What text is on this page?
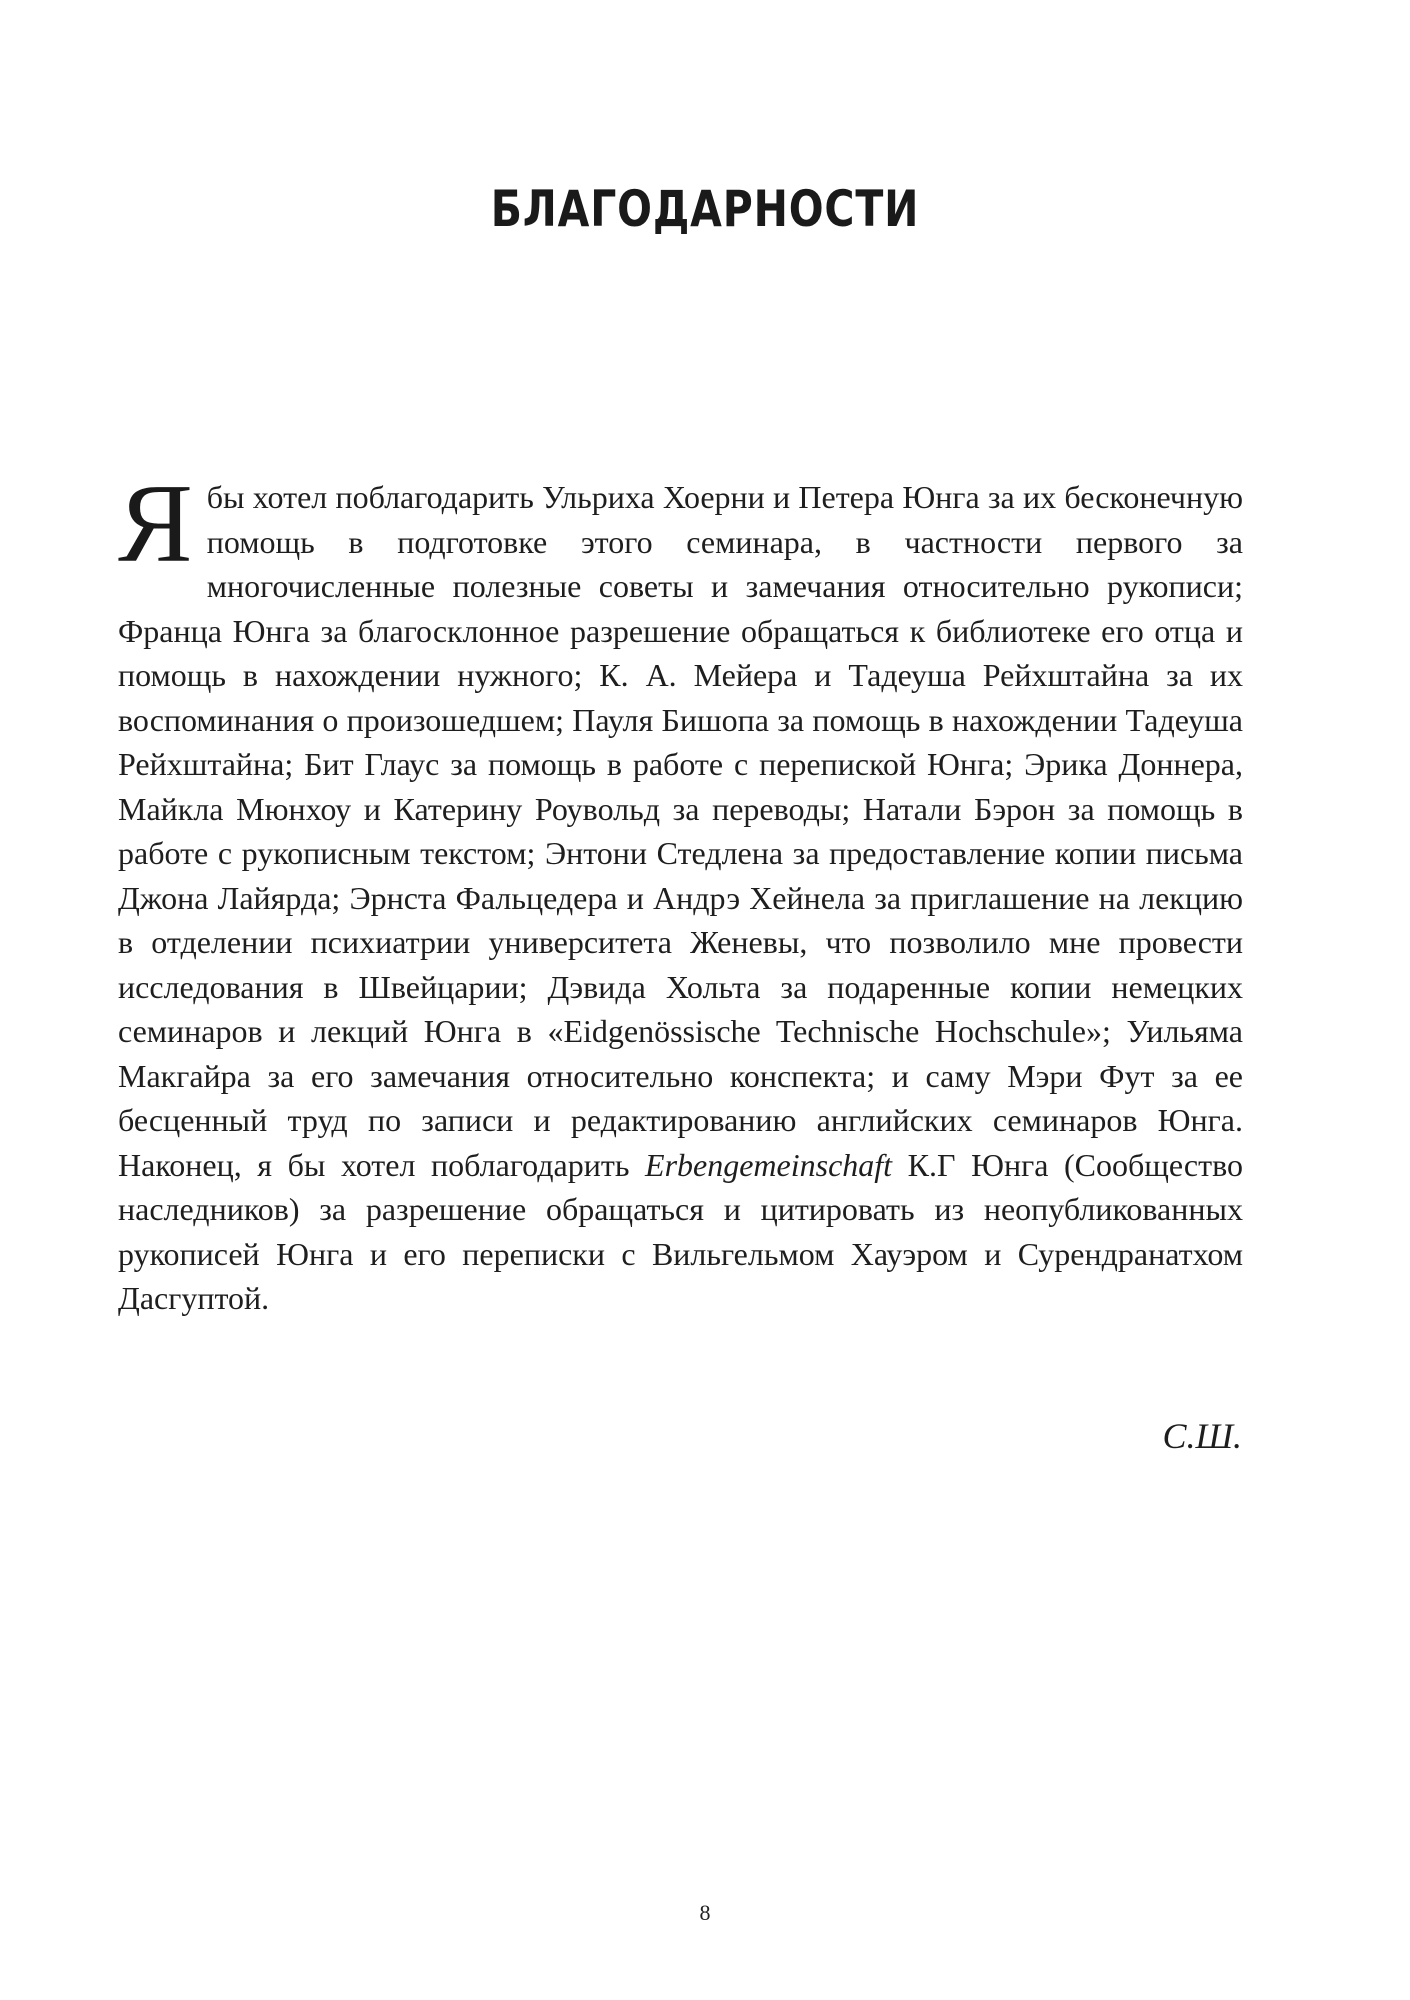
БЛАГОДАРНОСТИ

Я бы хотел поблагодарить Ульриха Хоерни и Петера Юнга за их бесконечную помощь в подготовке этого семинара, в частности первого за многочисленные полезные советы и замечания относительно рукописи; Франца Юнга за благосклонное разрешение обращаться к библиотеке его отца и помощь в нахождении нужного; К. А. Мейера и Тадеуша Рейхштайна за их воспоминания о произошедшем; Пауля Бишопа за помощь в нахождении Тадеуша Рейхштайна; Бит Глаус за помощь в работе с перепиской Юнга; Эрика Доннера, Майкла Мюнхоу и Катерину Роувольд за переводы; Натали Бэрон за помощь в работе с рукописным текстом; Энтони Стедлена за предоставление копии письма Джона Лайярда; Эрнста Фальцедера и Андрэ Хейнела за приглашение на лекцию в отделении психиатрии университета Женевы, что позволило мне провести исследования в Швейцарии; Дэвида Хольта за подаренные копии немецких семинаров и лекций Юнга в «Eidgenössische Technische Hochschule»; Уильяма Макгайра за его замечания относительно конспекта; и саму Мэри Фут за ее бесценный труд по записи и редактированию английских семинаров Юнга. Наконец, я бы хотел поблагодарить Erbengemeinschaft К.Г Юнга (Сообщество наследников) за разрешение обращаться и цитировать из неопубликованных рукописей Юнга и его переписки с Вильгельмом Хауэром и Сурендранатхом Дасгуптой.

С.Ш.

8
